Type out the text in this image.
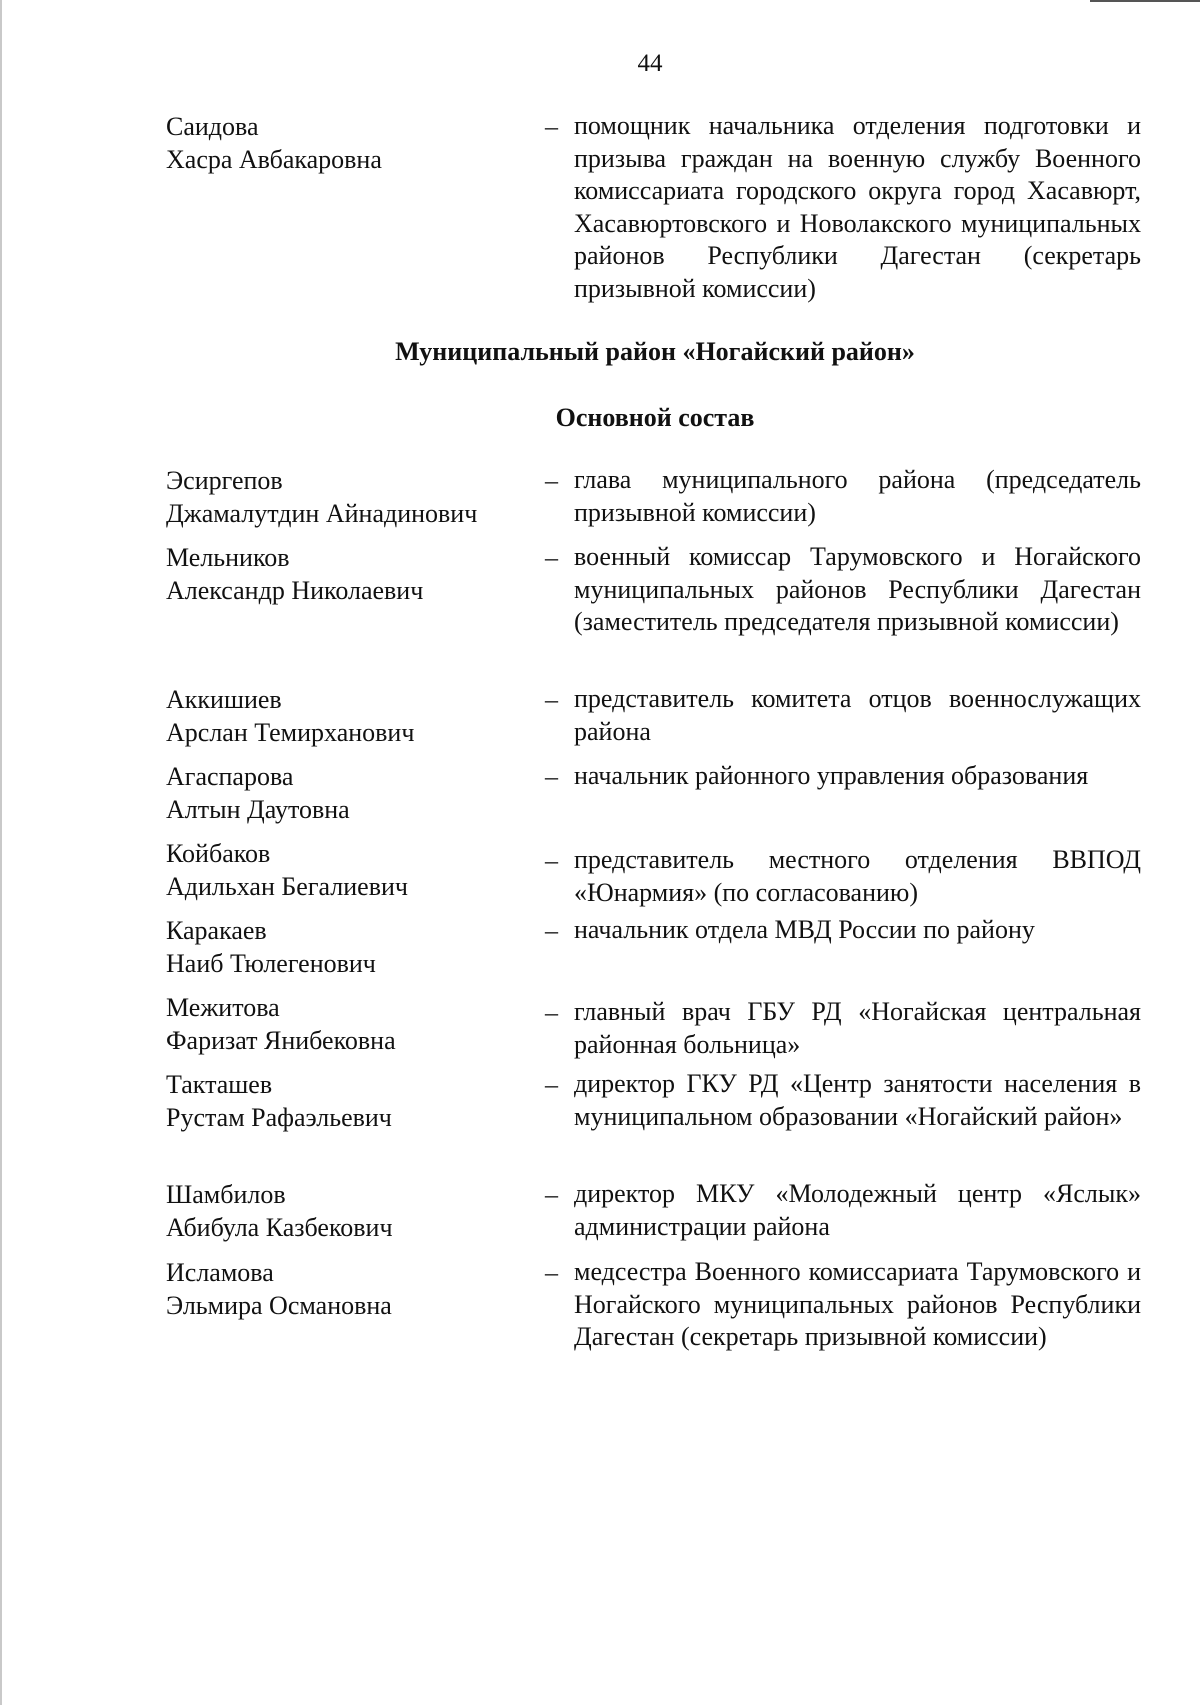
44
Саидова
Хасра Авбакаровна
– помощник начальника отделения подготовки и призыва граждан на военную службу Военного комиссариата городского округа город Хасавюрт, Хасавюртовского и Новолакского муниципальных районов Республики Дагестан (секретарь призывной комиссии)
Муниципальный район «Ногайский район»
Основной состав
Эсиргепов
Джамалутдин Айнадинович
– глава муниципального района (председатель призывной комиссии)
Мельников
Александр Николаевич
– военный комиссар Тарумовского и Ногайского муниципальных районов Республики Дагестан (заместитель председателя призывной комиссии)
Аккишиев
Арслан Темирханович
– представитель комитета отцов военнослужащих района
Агаспарова
Алтын Даутовна
– начальник районного управления образования
Койбаков
Адильхан Бегалиевич
– представитель местного отделения ВВПОД «Юнармия» (по согласованию)
Каракаев
Наиб Тюлегенович
– начальник отдела МВД России по району
Межитова
Фаризат Янибековна
– главный врач ГБУ РД «Ногайская центральная районная больница»
Такташев
Рустам Рафаэльевич
– директор ГКУ РД «Центр занятости населения в муниципальном образовании «Ногайский район»
Шамбилов
Абибула Казбекович
– директор МКУ «Молодежный центр «Яслык» администрации района
Исламова
Эльмира Османовна
– медсестра Военного комиссариата Тарумовского и Ногайского муниципальных районов Республики Дагестан (секретарь призывной комиссии)
